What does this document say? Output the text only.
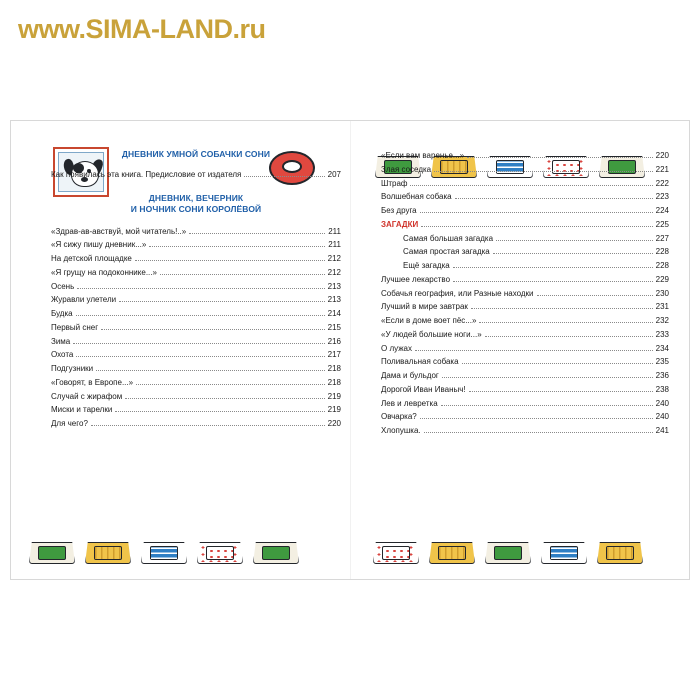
www.SIMA-LAND.ru
ДНЕВНИК УМНОЙ СОБАЧКИ СОНИ
Как появилась эта книга. Предисловие от издателя	207
ДНЕВНИК, ВЕЧЕРНИК
И НОЧНИК СОНИ КОРОЛЁВОЙ
«Здрав-ав-авствуй, мой читатель!..»	211
«Я сижу пишу дневник...»	211
На детской площадке	212
«Я грущу на подоконнике...»	212
Осень	213
Журавли улетели	213
Будка	214
Первый снег	215
Зима	216
Охота	217
Подгузники	218
«Говорят, в Европе...»	218
Случай с жирафом	219
Миски и тарелки	219
Для чего?	220
«Если вам варенье...»	220
Злая соседка	221
Штраф	222
Волшебная собака	223
Без друга	224
ЗАГАДКИ	225
Самая большая загадка	227
Самая простая загадка	228
Ещё загадка	228
Лучшее лекарство	229
Собачья география, или Разные находки	230
Лучший в мире завтрак	231
«Если в доме воет пёс...»	232
«У людей большие ноги...»	233
О лужах	234
Поливальная собака	235
Дама и бульдог	236
Дорогой Иван Иваныч!	238
Лев и левретка	240
Овчарка?	240
Хлопушка.	241
